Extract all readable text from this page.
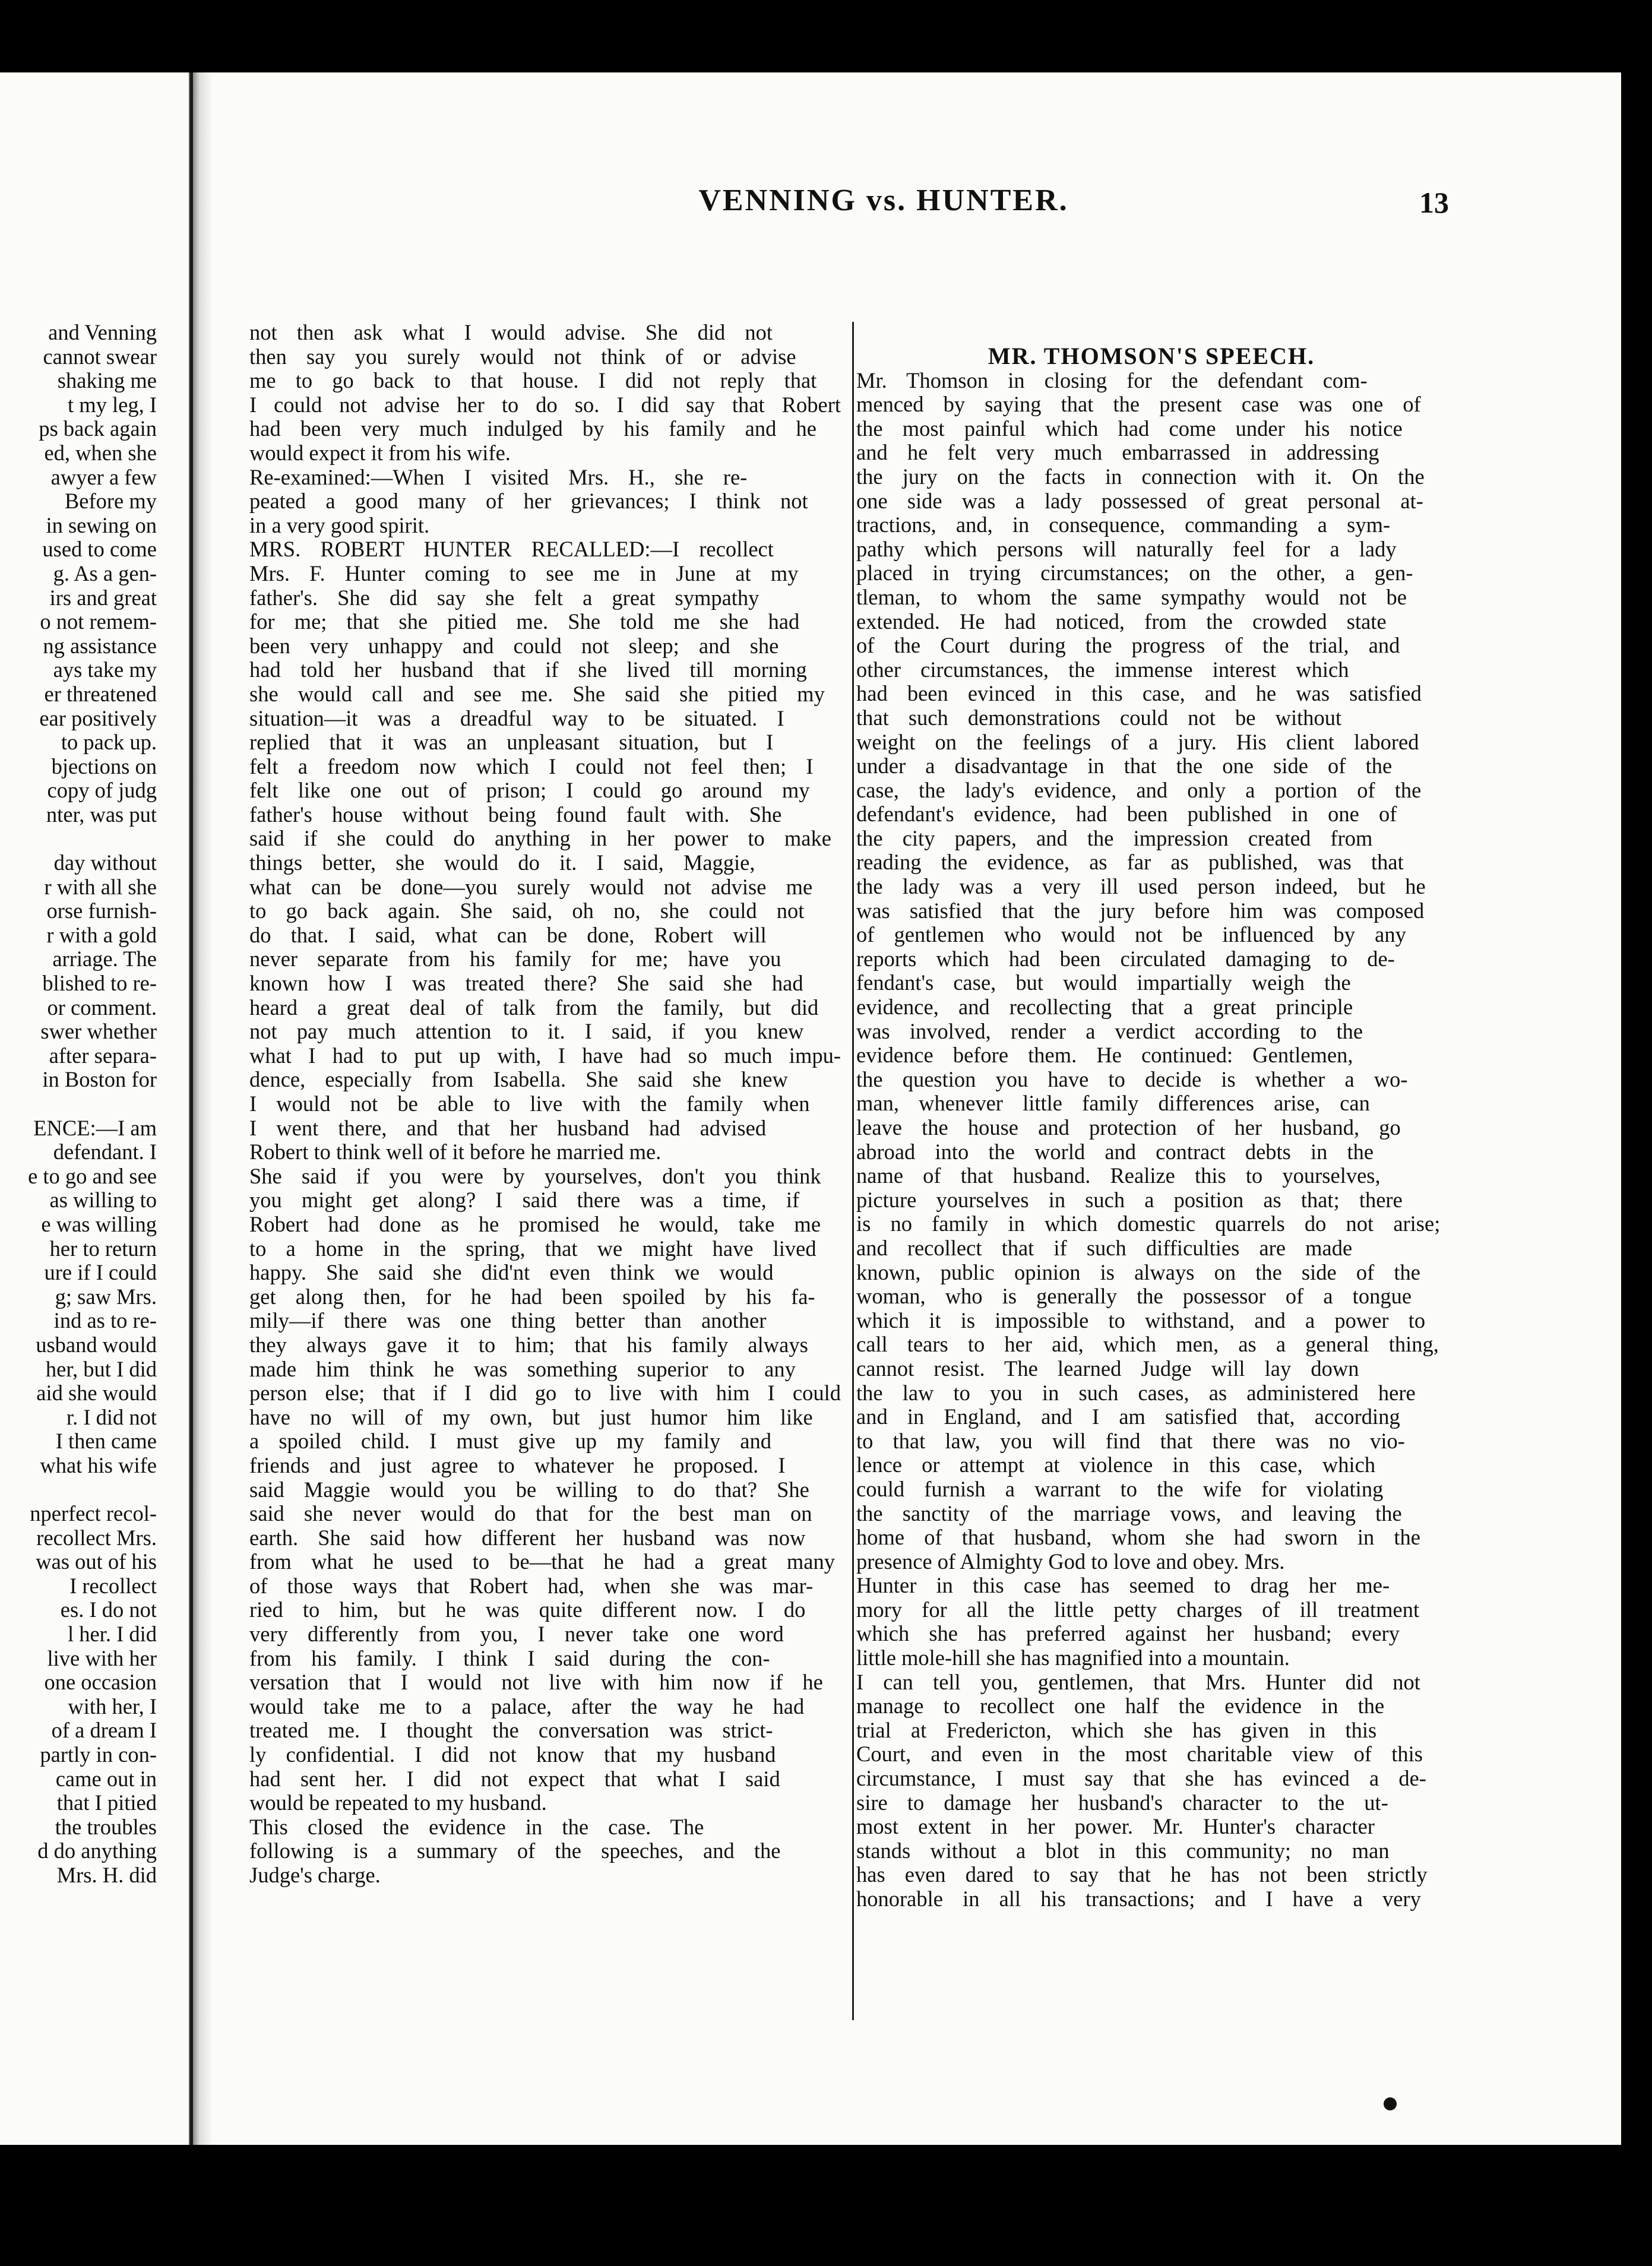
VENNING vs. HUNTER.	13
and Venning
cannot swear
shaking me
t my leg, I
ps back again
ed, when she
awyer a few
Before my
in sewing on
used to come
g. As a gen-
irs and great
o not remem-
ng assistance
ays take my
er threatened
ear positively
to pack up.
bjections on
copy of judg
nter, was put
day without
r with all she
orse furnish-
r with a gold
arriage. The
blished to re-
or comment.
swer whether
after separa-
in Boston for
ENCE:—I am
defendant. I
e to go and see
as willing to
e was willing
her to return
ure if I could
g; saw Mrs.
ind as to re-
usband would
her, but I did
aid she would
r. I did not
I then came
what his wife
nperfect recol-
recollect Mrs.
was out of his
I recollect
es. I do not
l her. I did
live with her
one occasion
with her, I
of a dream I
partly in con-
came out in
that I pitied
the troubles
d do anything
Mrs. H. did
not then ask what I would advise. She did not
then say you surely would not think of or advise
me to go back to that house. I did not reply that
I could not advise her to do so. I did say that Robert
had been very much indulged by his family and he
would expect it from his wife.
Re-examined:—When I visited Mrs. H., she re-
peated a good many of her grievances; I think not
in a very good spirit.
MRS. ROBERT HUNTER RECALLED:—I recollect
Mrs. F. Hunter coming to see me in June at my
father's. She did say she felt a great sympathy
for me; that she pitied me. She told me she had
been very unhappy and could not sleep; and she
had told her husband that if she lived till morning
she would call and see me. She said she pitied my
situation—it was a dreadful way to be situated. I
replied that it was an unpleasant situation, but I
felt a freedom now which I could not feel then; I
felt like one out of prison; I could go around my
father's house without being found fault with. She
said if she could do anything in her power to make
things better, she would do it. I said, Maggie,
what can be done—you surely would not advise me
to go back again. She said, oh no, she could not
do that. I said, what can be done, Robert will
never separate from his family for me; have you
known how I was treated there? She said she had
heard a great deal of talk from the family, but did
not pay much attention to it. I said, if you knew
what I had to put up with, I have had so much impu-
dence, especially from Isabella. She said she knew
I would not be able to live with the family when
I went there, and that her husband had advised
Robert to think well of it before he married me.
She said if you were by yourselves, don't you think
you might get along? I said there was a time, if
Robert had done as he promised he would, take me
to a home in the spring, that we might have lived
happy. She said she did'nt even think we would
get along then, for he had been spoiled by his fa-
mily—if there was one thing better than another
they always gave it to him; that his family always
made him think he was something superior to any
person else; that if I did go to live with him I could
have no will of my own, but just humor him like
a spoiled child. I must give up my family and
friends and just agree to whatever he proposed. I
said Maggie would you be willing to do that? She
said she never would do that for the best man on
earth. She said how different her husband was now
from what he used to be—that he had a great many
of those ways that Robert had, when she was mar-
ried to him, but he was quite different now. I do
very differently from you, I never take one word
from his family. I think I said during the con-
versation that I would not live with him now if he
would take me to a palace, after the way he had
treated me. I thought the conversation was strict-
ly confidential. I did not know that my husband
had sent her. I did not expect that what I said
would be repeated to my husband.
This closed the evidence in the case. The
following is a summary of the speeches, and the
Judge's charge.
MR. THOMSON'S SPEECH.
Mr. Thomson in closing for the defendant com-
menced by saying that the present case was one of
the most painful which had come under his notice
and he felt very much embarrassed in addressing
the jury on the facts in connection with it. On the
one side was a lady possessed of great personal at-
tractions, and, in consequence, commanding a sym-
pathy which persons will naturally feel for a lady
placed in trying circumstances; on the other, a gen-
tleman, to whom the same sympathy would not be
extended. He had noticed, from the crowded state
of the Court during the progress of the trial, and
other circumstances, the immense interest which
had been evinced in this case, and he was satisfied
that such demonstrations could not be without
weight on the feelings of a jury. His client labored
under a disadvantage in that the one side of the
case, the lady's evidence, and only a portion of the
defendant's evidence, had been published in one of
the city papers, and the impression created from
reading the evidence, as far as published, was that
the lady was a very ill used person indeed, but he
was satisfied that the jury before him was composed
of gentlemen who would not be influenced by any
reports which had been circulated damaging to de-
fendant's case, but would impartially weigh the
evidence, and recollecting that a great principle
was involved, render a verdict according to the
evidence before them. He continued: Gentlemen,
the question you have to decide is whether a wo-
man, whenever little family differences arise, can
leave the house and protection of her husband, go
abroad into the world and contract debts in the
name of that husband. Realize this to yourselves,
picture yourselves in such a position as that; there
is no family in which domestic quarrels do not arise;
and recollect that if such difficulties are made
known, public opinion is always on the side of the
woman, who is generally the possessor of a tongue
which it is impossible to withstand, and a power to
call tears to her aid, which men, as a general thing,
cannot resist. The learned Judge will lay down
the law to you in such cases, as administered here
and in England, and I am satisfied that, according
to that law, you will find that there was no vio-
lence or attempt at violence in this case, which
could furnish a warrant to the wife for violating
the sanctity of the marriage vows, and leaving the
home of that husband, whom she had sworn in the
presence of Almighty God to love and obey. Mrs.
Hunter in this case has seemed to drag her me-
mory for all the little petty charges of ill treatment
which she has preferred against her husband; every
little mole-hill she has magnified into a mountain.
I can tell you, gentlemen, that Mrs. Hunter did not
manage to recollect one half the evidence in the
trial at Fredericton, which she has given in this
Court, and even in the most charitable view of this
circumstance, I must say that she has evinced a de-
sire to damage her husband's character to the ut-
most extent in her power. Mr. Hunter's character
stands without a blot in this community; no man
has even dared to say that he has not been strictly
honorable in all his transactions; and I have a very
